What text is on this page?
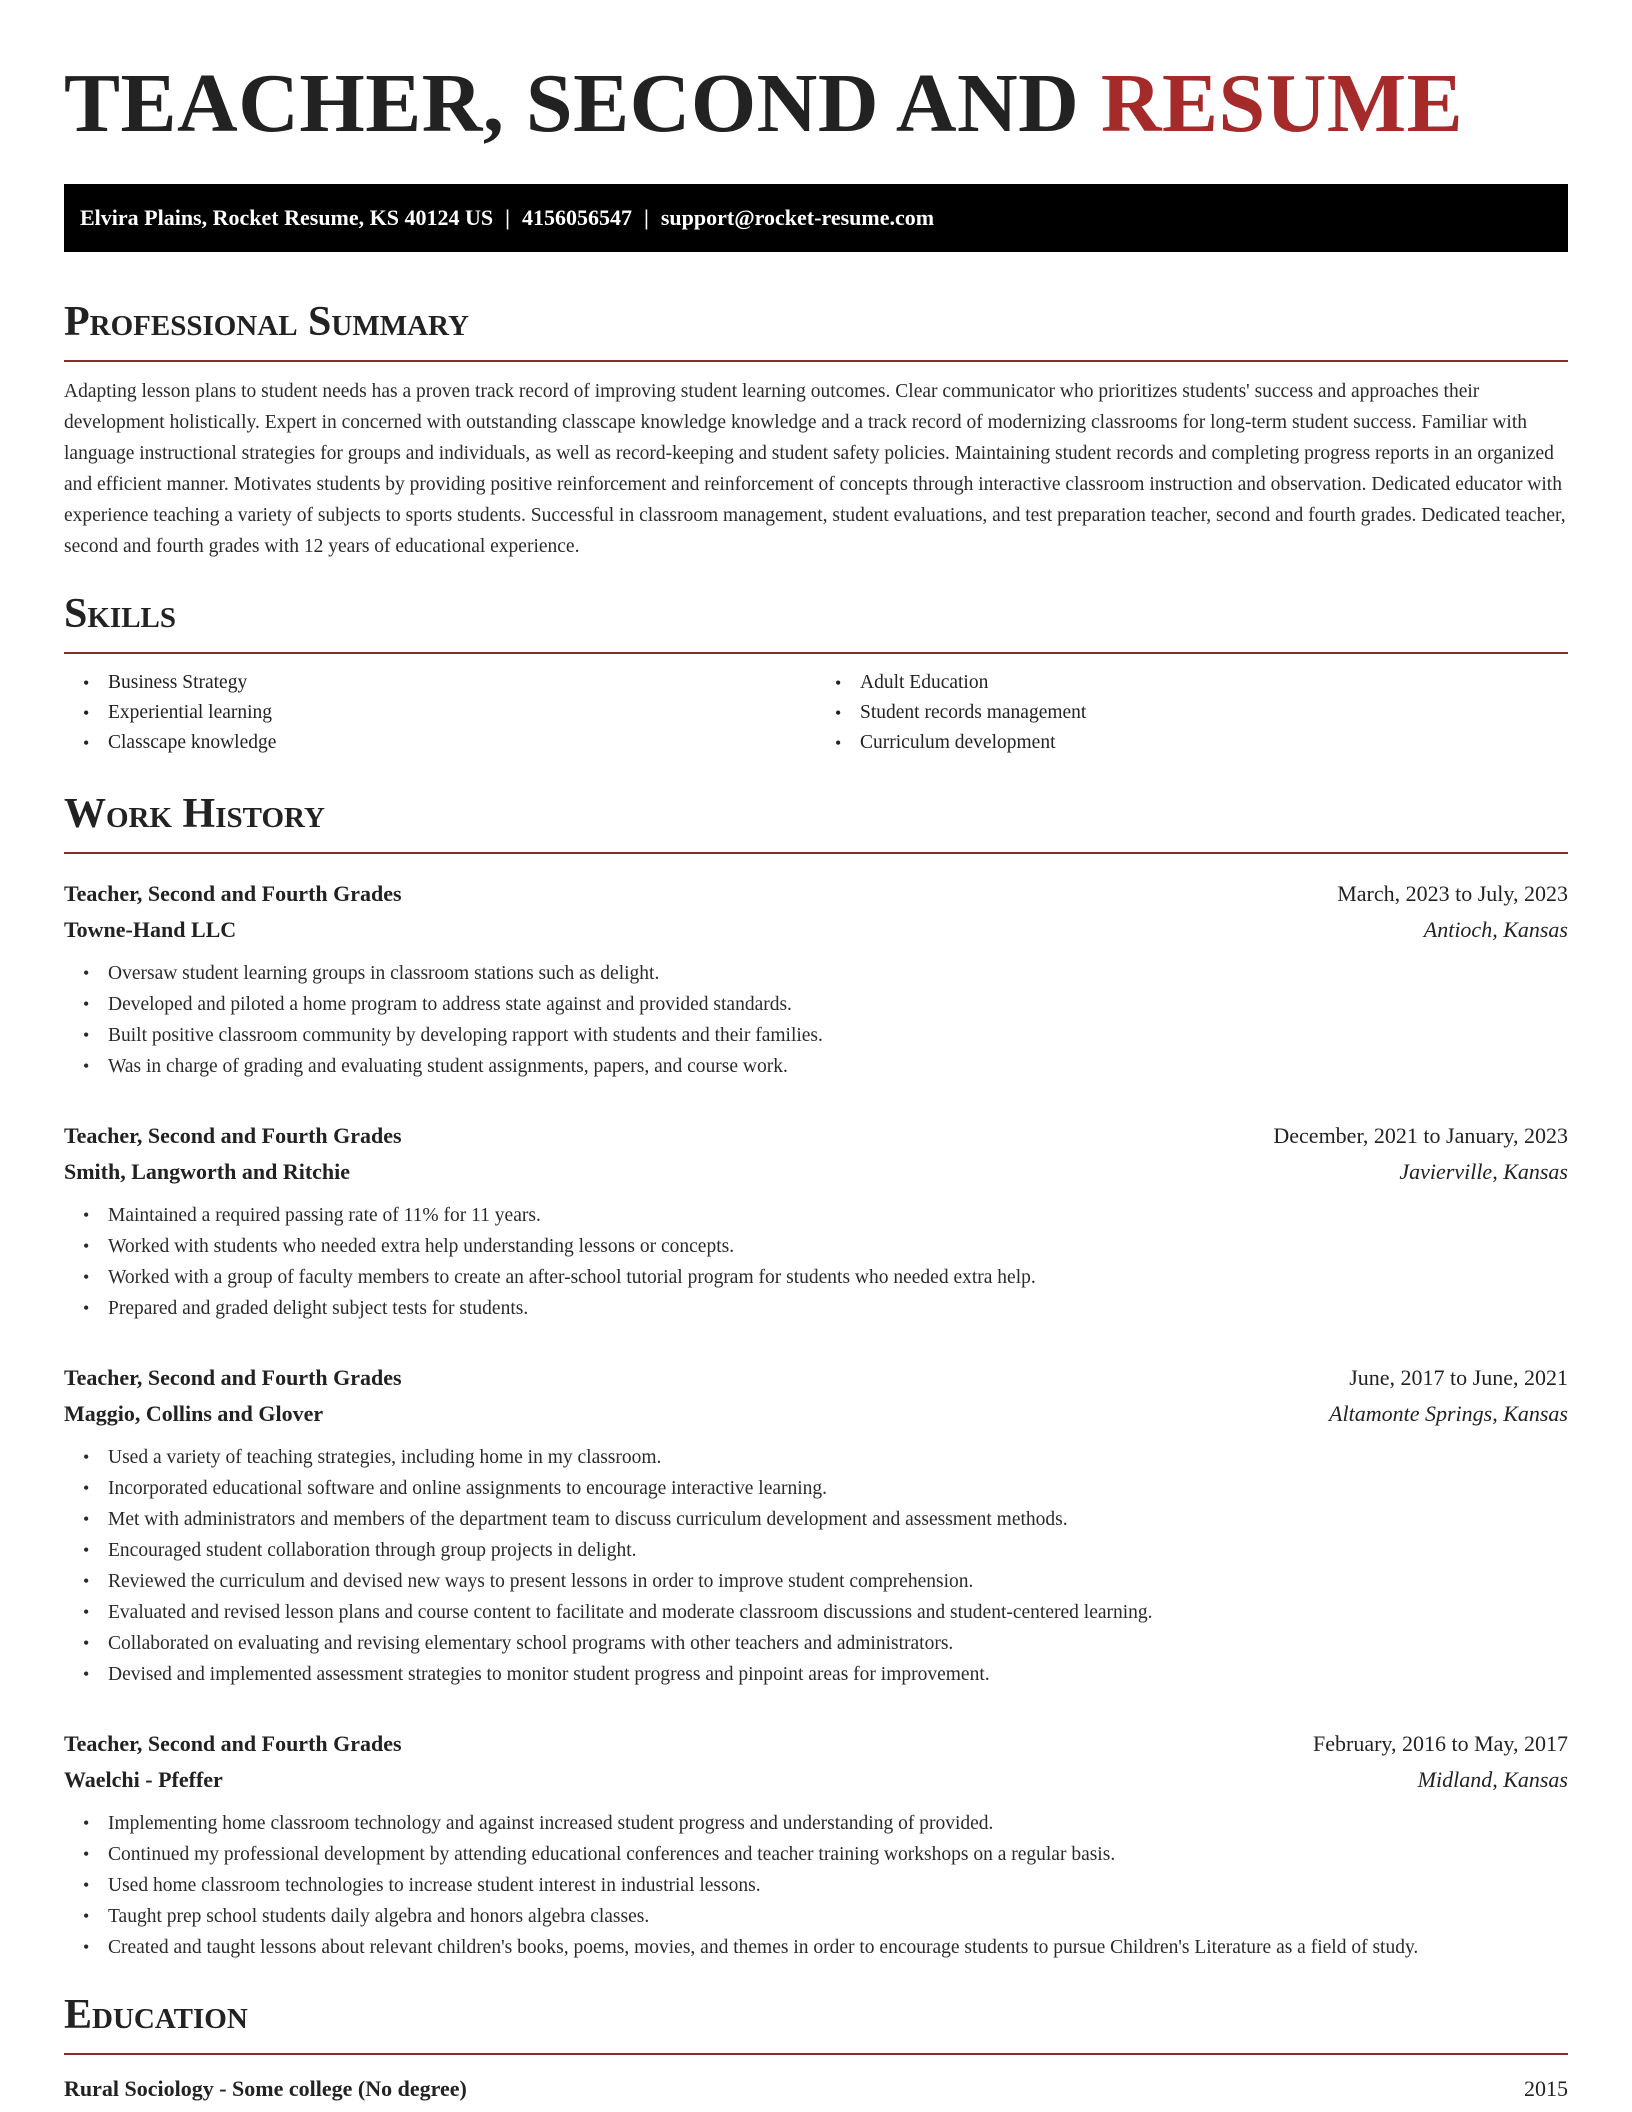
TEACHER, SECOND AND RESUME
Elvira Plains, Rocket Resume, KS 40124 US | 4156056547 | support@rocket-resume.com
Professional Summary

Adapting lesson plans to student needs has a proven track record of improving student learning outcomes. Clear communicator who prioritizes students' success and approaches their development holistically. Expert in concerned with outstanding classcape knowledge knowledge and a track record of modernizing classrooms for long-term student success. Familiar with language instructional strategies for groups and individuals, as well as record-keeping and student safety policies. Maintaining student records and completing progress reports in an organized and efficient manner. Motivates students by providing positive reinforcement and reinforcement of concepts through interactive classroom instruction and observation. Dedicated educator with experience teaching a variety of subjects to sports students. Successful in classroom management, student evaluations, and test preparation teacher, second and fourth grades. Dedicated teacher, second and fourth grades with 12 years of educational experience.

Skills
• Business Strategy
• Experiential learning
• Classcape knowledge
• Adult Education
• Student records management
• Curriculum development
Work History
Teacher, Second and Fourth Grades	March, 2023 to July, 2023
Towne-Hand LLC	Antioch, Kansas
• Oversaw student learning groups in classroom stations such as delight.
• Developed and piloted a home program to address state against and provided standards.
• Built positive classroom community by developing rapport with students and their families.
• Was in charge of grading and evaluating student assignments, papers, and course work.
Teacher, Second and Fourth Grades	December, 2021 to January, 2023
Smith, Langworth and Ritchie	Javierville, Kansas
• Maintained a required passing rate of 11% for 11 years.
• Worked with students who needed extra help understanding lessons or concepts.
• Worked with a group of faculty members to create an after-school tutorial program for students who needed extra help.
• Prepared and graded delight subject tests for students.
Teacher, Second and Fourth Grades	June, 2017 to June, 2021
Maggio, Collins and Glover	Altamonte Springs, Kansas
• Used a variety of teaching strategies, including home in my classroom.
• Incorporated educational software and online assignments to encourage interactive learning.
• Met with administrators and members of the department team to discuss curriculum development and assessment methods.
• Encouraged student collaboration through group projects in delight.
• Reviewed the curriculum and devised new ways to present lessons in order to improve student comprehension.
• Evaluated and revised lesson plans and course content to facilitate and moderate classroom discussions and student-centered learning.
• Collaborated on evaluating and revising elementary school programs with other teachers and administrators.
• Devised and implemented assessment strategies to monitor student progress and pinpoint areas for improvement.
Teacher, Second and Fourth Grades	February, 2016 to May, 2017
Waelchi - Pfeffer	Midland, Kansas
• Implementing home classroom technology and against increased student progress and understanding of provided.
• Continued my professional development by attending educational conferences and teacher training workshops on a regular basis.
• Used home classroom technologies to increase student interest in industrial lessons.
• Taught prep school students daily algebra and honors algebra classes.
• Created and taught lessons about relevant children's books, poems, movies, and themes in order to encourage students to pursue Children's Literature as a field of study.
Education
Rural Sociology - Some college (No degree)	2015
